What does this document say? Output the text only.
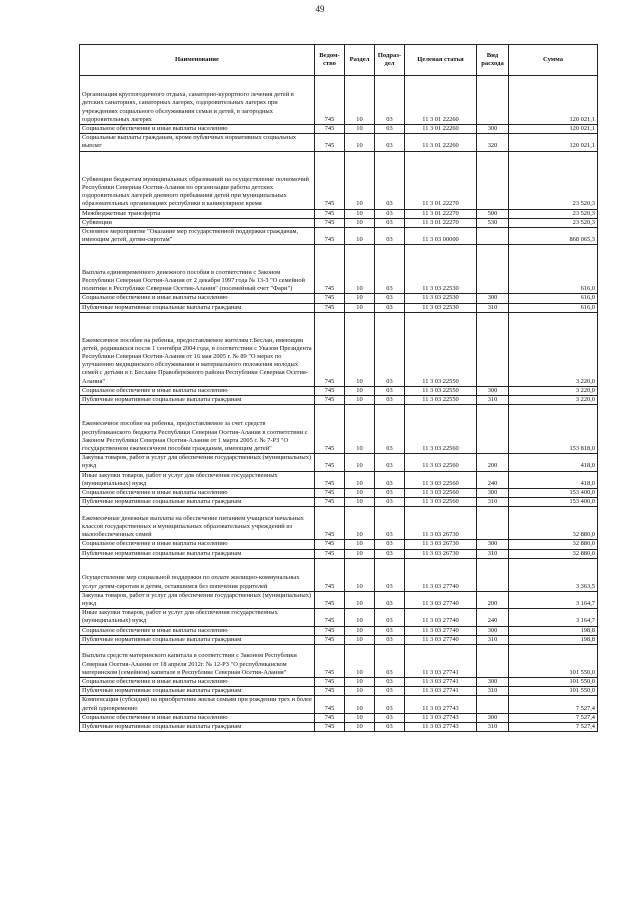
49
Наименование	Ведом-ство	Раздел	Подраз-дел	Целевая статья	Вид расхода	Сумма
Организация круглогодичного отдыха, санаторно-курортного лечения детей в детских санаториях, санаторных лагерях, оздоровительных лагерях при учреждениях социального обслуживания семьи и детей, в загородных оздоровительных лагерях	745	10	03	11 3 01 22260		120 021,1
Социальное обеспечение и иные выплаты населению	745	10	03	11 3 01 22260	300	120 021,1
Социальные выплаты гражданам, кроме публичных нормативных социальных выплат	745	10	03	11 3 01 22260	320	120 021,1
Субвенции бюджетам муниципальных образований на осуществление полномочий Республики Северная Осетия-Алания по организации работы детских оздоровительных лагерей дневного пребывания детей при муниципальных образовательных организациях республики в каникулярное время	745	10	03	11 3 01 22270		23 520,3
Межбюджетные трансферты	745	10	03	11 3 01 22270	500	23 520,3
Субвенции	745	10	03	11 3 01 22270	530	23 520,3
Основное мероприятие "Оказание мер государственной поддержки гражданам, имеющим детей, детям-сиротам"	745	10	03	11 3 03 00000		868 065,3
Выплата единовременного денежного пособия в соответствии с Законом Республики Северная Осетия-Алания от 2 декабря 1997 года № 13-З "О семейной политике в Республике Северная Осетия-Алания" (посемейный счет "Фарн")	745	10	03	11 3 03 22530		616,0
Социальное обеспечение и иные выплаты населению	745	10	03	11 3 03 22530	300	616,0
Публичные нормативные социальные выплаты гражданам	745	10	03	11 3 03 22530	310	616,0
Ежемесячное пособие на ребенка, предоставляемое жителям г.Беслан, имеющим детей, родившихся после 1 сентября 2004 года, в соответствии с Указом Президента Республики Северная Осетия-Алания от 16 мая 2005 г. № 89 "О мерах по улучшению медицинского обслуживания и материального положения молодых семей с детьми в г. Беслане Правобережного района Республики Северная Осетия-Алания"	745	10	03	11 3 03 22550		3 220,0
Социальное обеспечение и иные выплаты населению	745	10	03	11 3 03 22550	300	3 220,0
Публичные нормативные социальные выплаты гражданам	745	10	03	11 3 03 22550	310	3 220,0
Ежемесячное пособие на ребенка, предоставляемое за счет средств республиканского бюджета Республики Северная Осетия-Алания в соответствии с Законом Республики Северная Осетия-Алания от 1 марта 2005 г. № 7-РЗ "О государственном ежемесячном пособии гражданам, имеющим детей"	745	10	03	11 3 03 22560		153 818,0
Закупка товаров, работ и услуг для обеспечения государственных (муниципальных) нужд	745	10	03	11 3 03 22560	200	418,0
Иные закупки товаров, работ и услуг для обеспечения государственных (муниципальных) нужд	745	10	03	11 3 03 22560	240	418,0
Социальное обеспечение и иные выплаты населению	745	10	03	11 3 03 22560	300	153 400,0
Публичные нормативные социальные выплаты гражданам	745	10	03	11 3 03 22560	310	153 400,0
Ежемесячные денежные выплаты на обеспечение питанием учащихся начальных классов государственных и муниципальных образовательных учреждений из малообеспеченных семей	745	10	03	11 3 03 26730		32 880,0
Социальное обеспечение и иные выплаты населению	745	10	03	11 3 03 26730	300	32 880,0
Публичные нормативные социальные выплаты гражданам	745	10	03	11 3 03 26730	310	32 880,0
Осуществление мер социальной поддержки по оплате жилищно-коммунальных услуг детям-сиротам и детям, оставшимся без попечения родителей	745	10	03	11 3 03 27740		3 363,5
Закупка товаров, работ и услуг для обеспечения государственных (муниципальных) нужд	745	10	03	11 3 03 27740	200	3 164,7
Иные закупки товаров, работ и услуг для обеспечения государственных (муниципальных) нужд	745	10	03	11 3 03 27740	240	3 164,7
Социальное обеспечение и иные выплаты населению	745	10	03	11 3 03 27740	300	198,8
Публичные нормативные социальные выплаты гражданам	745	10	03	11 3 03 27740	310	198,8
Выплата средств материнского капитала в соответствии с Законом Республики Северная Осетия-Алания от 18 апреля 2012г. № 12-РЗ "О республиканском материнском (семейном) капитале в Республике Северная Осетия-Алания"	745	10	03	11 3 03 27741		101 550,0
Социальное обеспечение и иные выплаты населению	745	10	03	11 3 03 27741	300	101 550,0
Публичные нормативные социальные выплаты гражданам	745	10	03	11 3 03 27741	310	101 550,0
Компенсация (субсидия) на приобретение жилья семьям при рождении трех и более детей одновременно	745	10	03	11 3 03 27743		7 527,4
Социальное обеспечение и иные выплаты населению	745	10	03	11 3 03 27743	300	7 527,4
Публичные нормативные социальные выплаты гражданам	745	10	03	11 3 03 27743	310	7 527,4
